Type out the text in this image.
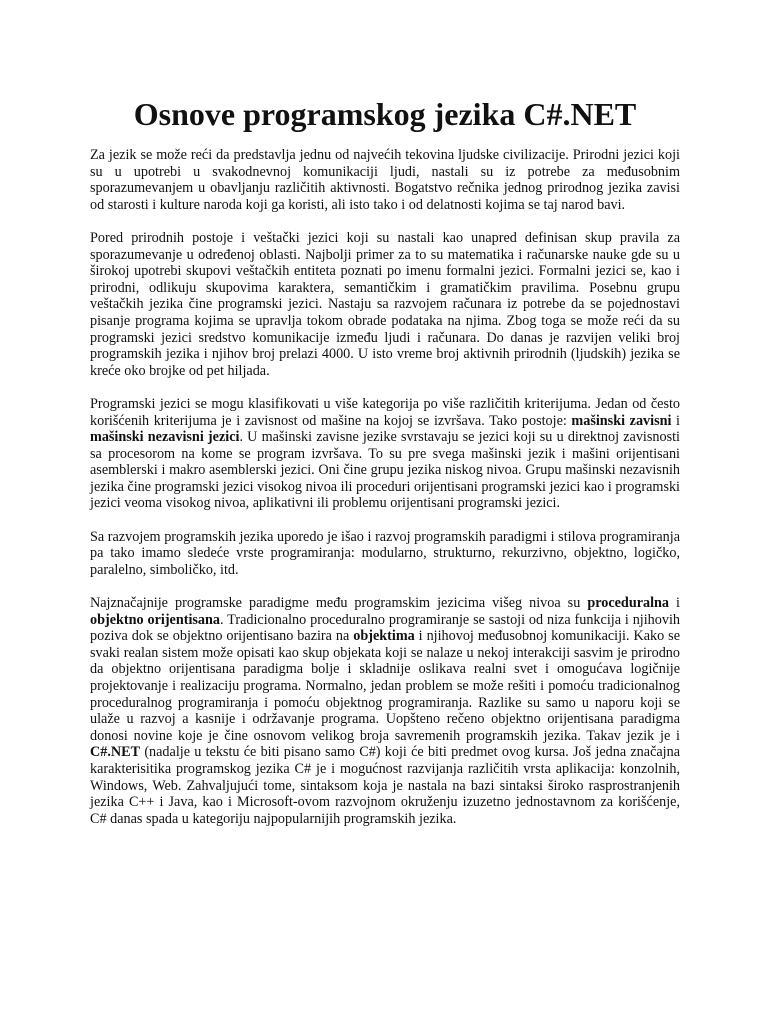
Osnove programskog jezika C#.NET

Za jezik se može reći da predstavlja jednu od najvećih tekovina ljudske civilizacije. Prirodni jezici koji su u upotrebi u svakodnevnoj komunikaciji ljudi, nastali su iz potrebe za međusobnim sporazumevanjem u obavljanju različitih aktivnosti. Bogatstvo rečnika jednog prirodnog jezika zavisi od starosti i kulture naroda koji ga koristi, ali isto tako i od delatnosti kojima se taj narod bavi.

Pored prirodnih postoje i veštački jezici koji su nastali kao unapred definisan skup pravila za sporazumevanje u određenoj oblasti. Najbolji primer za to su matematika i računarske nauke gde su u širokoj upotrebi skupovi veštačkih entiteta poznati po imenu formalni jezici. Formalni jezici se, kao i prirodni, odlikuju skupovima karaktera, semantičkim i gramatičkim pravilima. Posebnu grupu veštačkih jezika čine programski jezici. Nastaju sa razvojem računara iz potrebe da se pojednostavi pisanje programa kojima se upravlja tokom obrade podataka na njima. Zbog toga se može reći da su programski jezici sredstvo komunikacije između ljudi i računara. Do danas je razvijen veliki broj programskih jezika i njihov broj prelazi 4000. U isto vreme broj aktivnih prirodnih (ljudskih) jezika se kreće oko brojke od pet hiljada.

Programski jezici se mogu klasifikovati u više kategorija po više različitih kriterijuma. Jedan od često korišćenih kriterijuma je i zavisnost od mašine na kojoj se izvršava. Tako postoje: mašinski zavisni i mašinski nezavisni jezici. U mašinski zavisne jezike svrstavaju se jezici koji su u direktnoj zavisnosti sa procesorom na kome se program izvršava. To su pre svega mašinski jezik i mašini orijentisani asemblerski i makro asemblerski jezici. Oni čine grupu jezika niskog nivoa. Grupu mašinski nezavisnih jezika čine programski jezici visokog nivoa ili proceduri orijentisani programski jezici kao i programski jezici veoma visokog nivoa, aplikativni ili problemu orijentisani programski jezici.

Sa razvojem programskih jezika uporedo je išao i razvoj programskih paradigmi i stilova programiranja pa tako imamo sledeće vrste programiranja: modularno, strukturno, rekurzivno, objektno, logičko, paralelno, simboličko, itd.

Najznačajnije programske paradigme među programskim jezicima višeg nivoa su proceduralna i objektno orijentisana. Tradicionalno proceduralno programiranje se sastoji od niza funkcija i njihovih poziva dok se objektno orijentisano bazira na objektima i njihovoj međusobnoj komunikaciji. Kako se svaki realan sistem može opisati kao skup objekata koji se nalaze u nekoj interakciji sasvim je prirodno da objektno orijentisana paradigma bolje i skladnije oslikava realni svet i omogućava logičnije projektovanje i realizaciju programa. Normalno, jedan problem se može rešiti i pomoću tradicionalnog proceduralnog programiranja i pomoću objektnog programiranja. Razlike su samo u naporu koji se ulaže u razvoj a kasnije i održavanje programa. Uopšteno rečeno objektno orijentisana paradigma donosi novine koje je čine osnovom velikog broja savremenih programskih jezika. Takav jezik je i C#.NET (nadalje u tekstu će biti pisano samo C#) koji će biti predmet ovog kursa. Još jedna značajna karakterisitika programskog jezika C# je i mogućnost razvijanja različitih vrsta aplikacija: konzolnih, Windows, Web. Zahvaljujući tome, sintaksom koja je nastala na bazi sintaksi široko rasprostranjenih jezika C++ i Java, kao i Microsoft-ovom razvojnom okruženju izuzetno jednostavnom za korišćenje, C# danas spada u kategoriju najpopularnijih programskih jezika.
